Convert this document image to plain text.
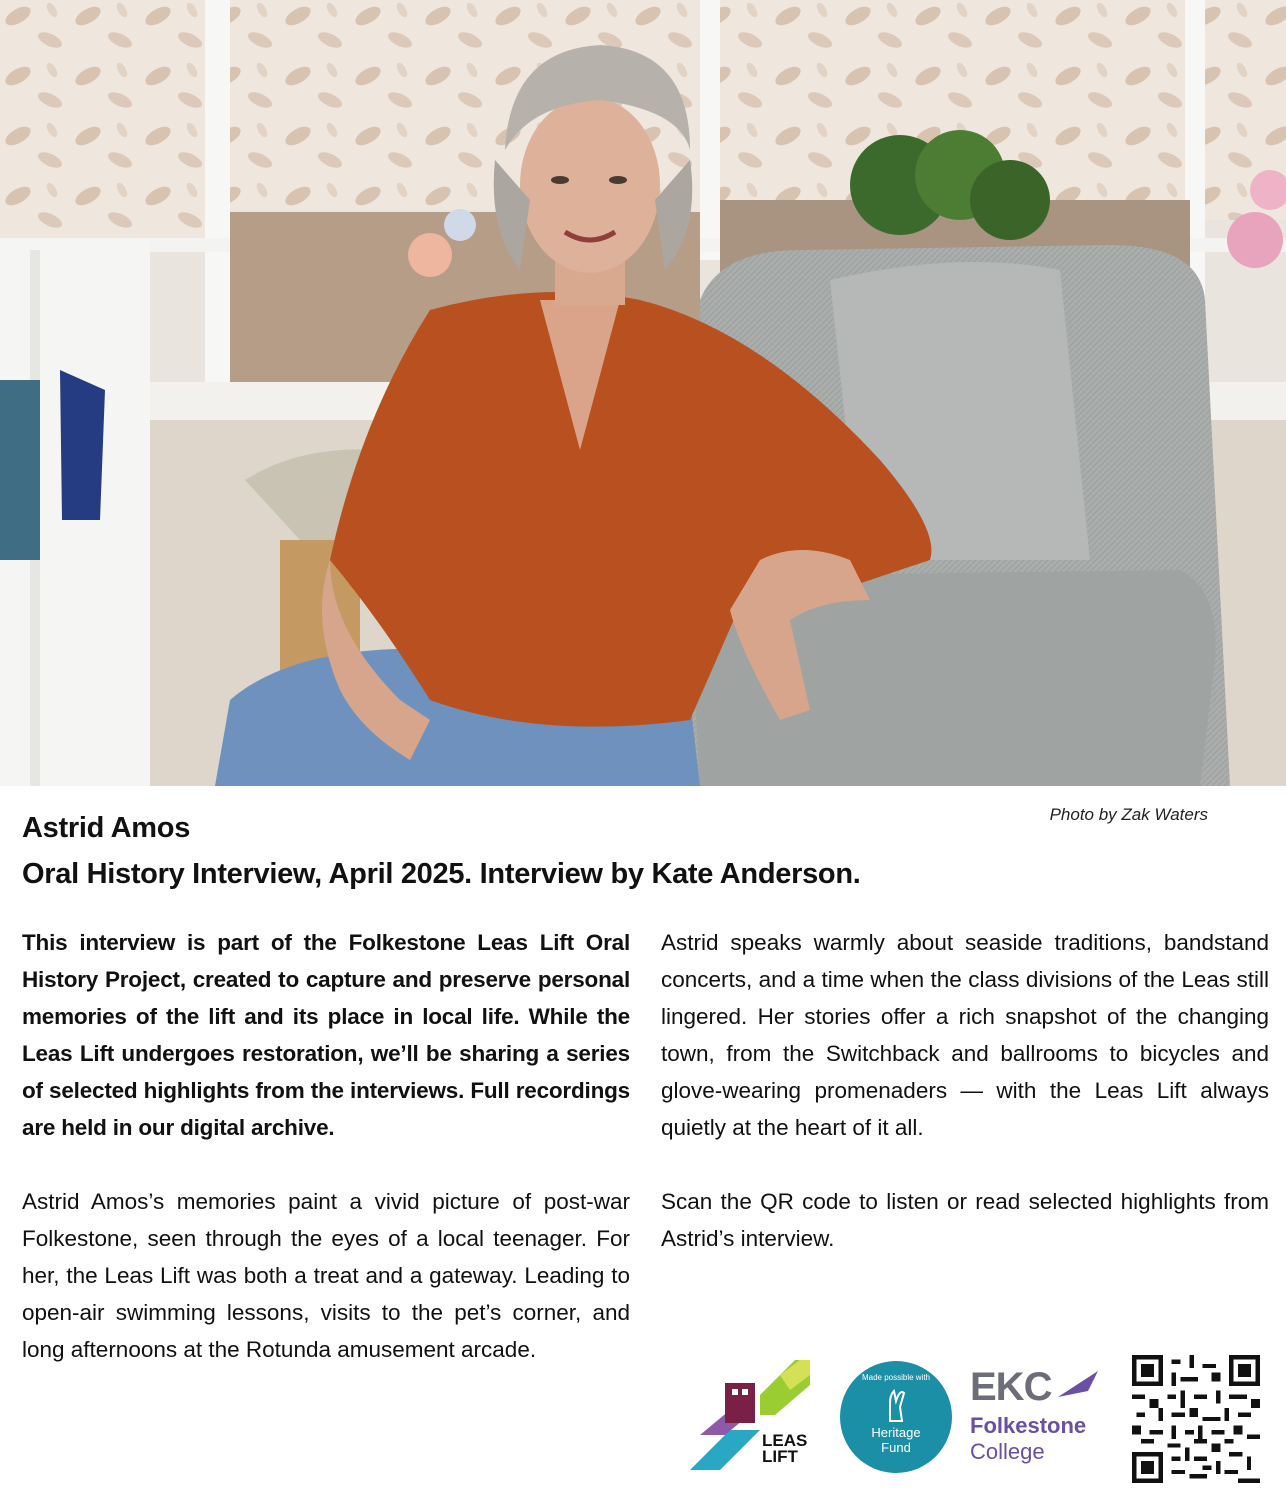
Photo by Zak Waters
Astrid Amos
Oral History Interview, April 2025. Interview by Kate Anderson.

This interview is part of the Folkestone Leas Lift Oral History Project, created to capture and preserve personal memories of the lift and its place in local life. While the Leas Lift undergoes restoration, we’ll be sharing a series of selected highlights from the interviews. Full recordings are held in our digital archive.

Astrid Amos’s memories paint a vivid picture of post-war Folkestone, seen through the eyes of a local teenager. For her, the Leas Lift was both a treat and a gateway. Leading to open-air swimming lessons, visits to the pet’s corner, and long afternoons at the Rotunda amusement arcade.

Astrid speaks warmly about seaside traditions, bandstand concerts, and a time when the class divisions of the Leas still lingered. Her stories offer a rich snapshot of the changing town, from the Switchback and ballrooms to bicycles and glove-wearing promenaders — with the Leas Lift always quietly at the heart of it all.

Scan the QR code to listen or read selected highlights from Astrid’s interview.

LEAS
LIFT
Made possible with
Heritage
Fund
EKC
Folkestone
College
